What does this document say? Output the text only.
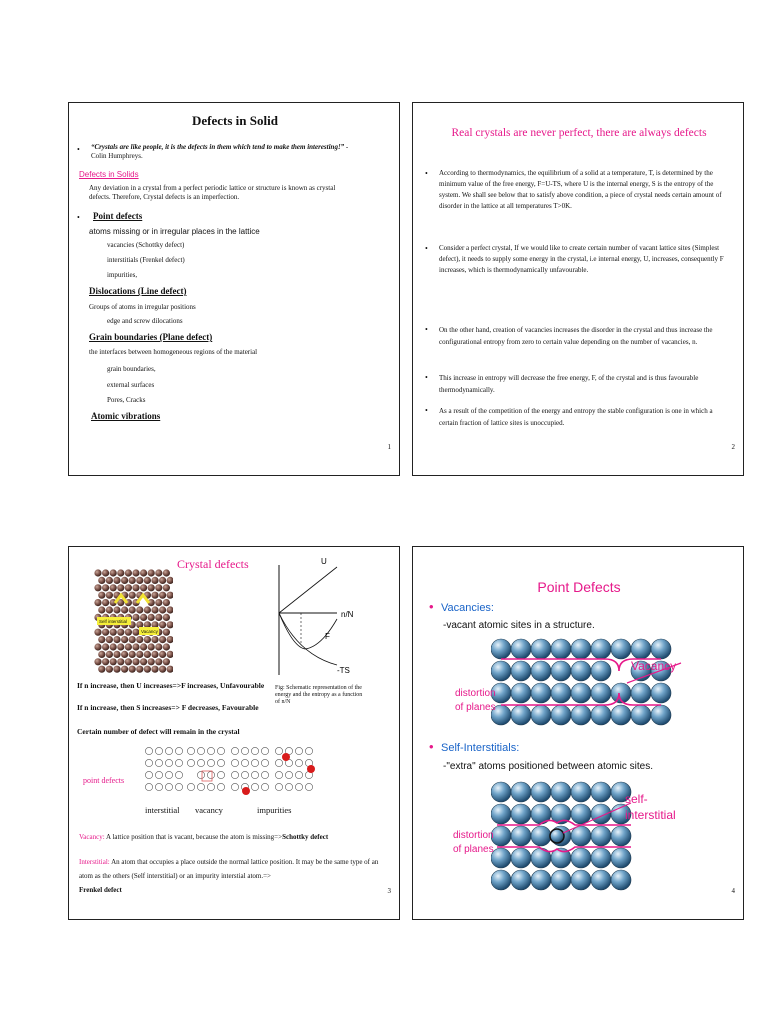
Defects in Solid
• “Crystals are like people, it is the defects in them which tend to make them interesting!” - Colin Humphreys.
Defects in Solids
Any deviation in a crystal from a perfect periodic lattice or structure is known as crystal defects. Therefore, Crystal defects is an imperfection.
• Point defects
atoms missing or in irregular places in the lattice
vacancies (Schottky defect)
interstitials (Frenkel defect)
impurities,
Dislocations (Line defect)
Groups of atoms in irregular positions
edge and screw dilocations
Grain boundaries (Plane defect)
the interfaces between homogeneous regions of the material
grain boundaries,
external surfaces
Pores, Cracks
Atomic vibrations
1
Real crystals are never perfect, there are always defects
• According to thermodynamics, the equilibrium of a solid at a temperature, T, is determined by the minimum value of the free energy, F=U-TS, where U is the internal energy, S is the entropy of the system. We shall see below that to satisfy above condition, a piece of crystal needs certain amount of disorder in the lattice at all temperatures T>0K.
• Consider a perfect crystal, If we would like to create certain number of vacant lattice sites (Simplest defect), it needs to supply some energy in the crystal, i.e internal energy, U, increases, consequently F increases, which is thermodynamically unfavourable.
• On the other hand, creation of vacancies increases the disorder in the crystal and thus increase the configurational entropy from zero to certain value depending on the number of vacancies, n.
• This increase in entropy will decrease the free energy, F, of the crystal and is thus favourable thermodynamically.
• As a result of the competition of the energy and entropy the stable configuration is one in which a certain fraction of lattice sites is unoccupied.
2
Crystal defects
Self interstitial
Vacancy
U
n/N
F
-TS
Fig: Schematic representation of the energy and the entropy as a function of n/N
If n increase, then U increases=>F increases, Unfavourable
If n increase, then S increases=> F decreases, Favourable
Certain number of defect will remain in the crystal
point defects
interstitial vacancy	impurities
Vacancy: A lattice position that is vacant, because the atom is missing=>Schottky defect
Interstitial: An atom that occupies a place outside the normal lattice position. It may be the same type of an atom as the others (Self interstitial) or an impurity interstial atom.=>
Frenkel defect	3
Point Defects
• Vacancies:
-vacant atomic sites in a structure.
Vacancy
distortion of planes
• Self-Interstitials:
-"extra" atoms positioned between atomic sites.
self-interstitial
distortion of planes
4
